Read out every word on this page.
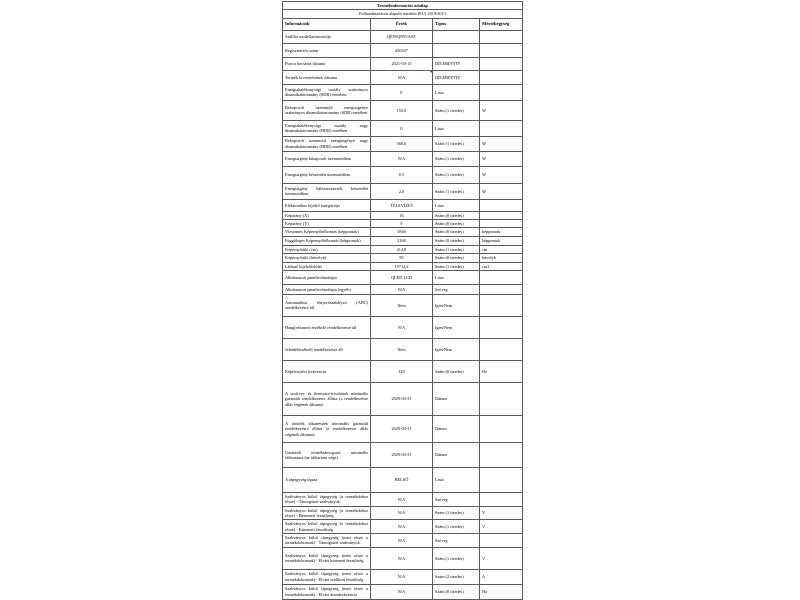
Termékinformációs adatlap			
Felhatalmazáson alapuló rendelet (EU) 2019/2013			
Információk	Érték	Típus	Mértékegység
Szállító modellazonosítója	QE85QN95AAT		
Regisztrációs szám	450337		
Piacra bocsátás dátuma	2021-03-15	DD.MM/YYYY	
Termék kivezetésének dátuma	N/A	DD.MM/YYYY	
Energiahatékonysági osztály szabványos dinamikatartomány (SDR) esetében	F	Lista	
Bekapcsolt üzemmód energiaigénye szabványos dinamikatartomány (SDR) esetében	155,0	Szám (1 tizedes)	W
Energiahatékonysági osztály nagy dinamikatartomány (HDR) esetében	G	Lista	
Bekapcsolt üzemmód energiaigénye nagy dinamikatartomány (HDR) esetében	360,0	Szám (1 tizedes)	W
Energiaigény kikapcsolt üzemmódban	N/A	Szám (1 tizedes)	W
Energiaigény készenléti üzemmódban	0,5	Szám (1 tizedes)	W
Energiaigény hálózatvezérelt készenléti üzemmódban	2,0	Szám (1 tizedes)	W
Elektronikus kijelző kategóriája	TELEVÍZIÓ	Lista	
Képarány (X)	16	Szám (0 tizedes)	
Képarány (Y)	9	Szám (0 tizedes)	
Vízszintes Képernyőfelbontás (képpontok)	3840	Szám (0 tizedes)	képpontok
Függőleges Képernyőfelbontás (képpontok)	2160	Szám (0 tizedes)	képpontok
Képernyőátló (cm)	214,8	Szám (1 tizedes)	cm
Képernyőátló (hüvelyk)	85	Szám (0 tizedes)	hüvelyk
Látható kijelzőfelület	19712,2	Szám (1 tizedes)	cm2
Alkalmazott paneltechnológia	QLED LCD	Lista	
Alkalmazott paneltechnológia (egyéb)	N/A	Szöveg	
Automatikus fényerőszabályzó (ABC) rendelkezésre áll	Nem	Igen/Nem	
Hangfelismerő érzékelő rendelkezésre áll	N/A	Igen/Nem	
Jelenlétérzékelő rendelkezésre áll	Nem	Igen/Nem	
Képfrissítési frekvencia	120	Szám (0 tizedes)	Hz
A szoftver- és firmware-frissítések minimális garantált rendelkezésre állása (a rendelkezésre állás végének dátuma)	2029-03-31	Dátum	
A tartalék alkatrészek minimális garantált rendelkezésre állása (a rendelkezésre állás végének dátuma)	2029-03-31	Dátum	
Garantált terméktámogatás minimális időtartama (az időtartam vége)	2029-03-31	Dátum	
A tápegység típusa	BELSŐ	Lista	
Szabványos külső tápegység (a termékdoboz része) - Támogatott szabványok	N/A	Szöveg	
Szabványos külső tápegység (a termékdoboz része) - Bemeneti feszültség	N/A	Szám (1 tizedes)	V
Szabványos külső tápegység (a termékdoboz része) - Kimeneti feszültség	N/A	Szám (1 tizedes)	V
Szabványos külső tápegység (nem része a termékdoboznak) - Támogatott szabványok	N/A	Szöveg	
Szabványos külső tápegység (nem része a termékdoboznak) - Elvárt kimeneti feszültség	N/A	Szám (1 tizedes)	V
Szabványos külső tápegység (nem része a termékdoboznak) - Elvárt szállított feszültség	N/A	Szám (2 tizedes)	A
Szabványos külső tápegység (nem része a termékdoboznak) - Elvárt áramfrekvencia	N/A	Szám (0 tizedes)	Hz
